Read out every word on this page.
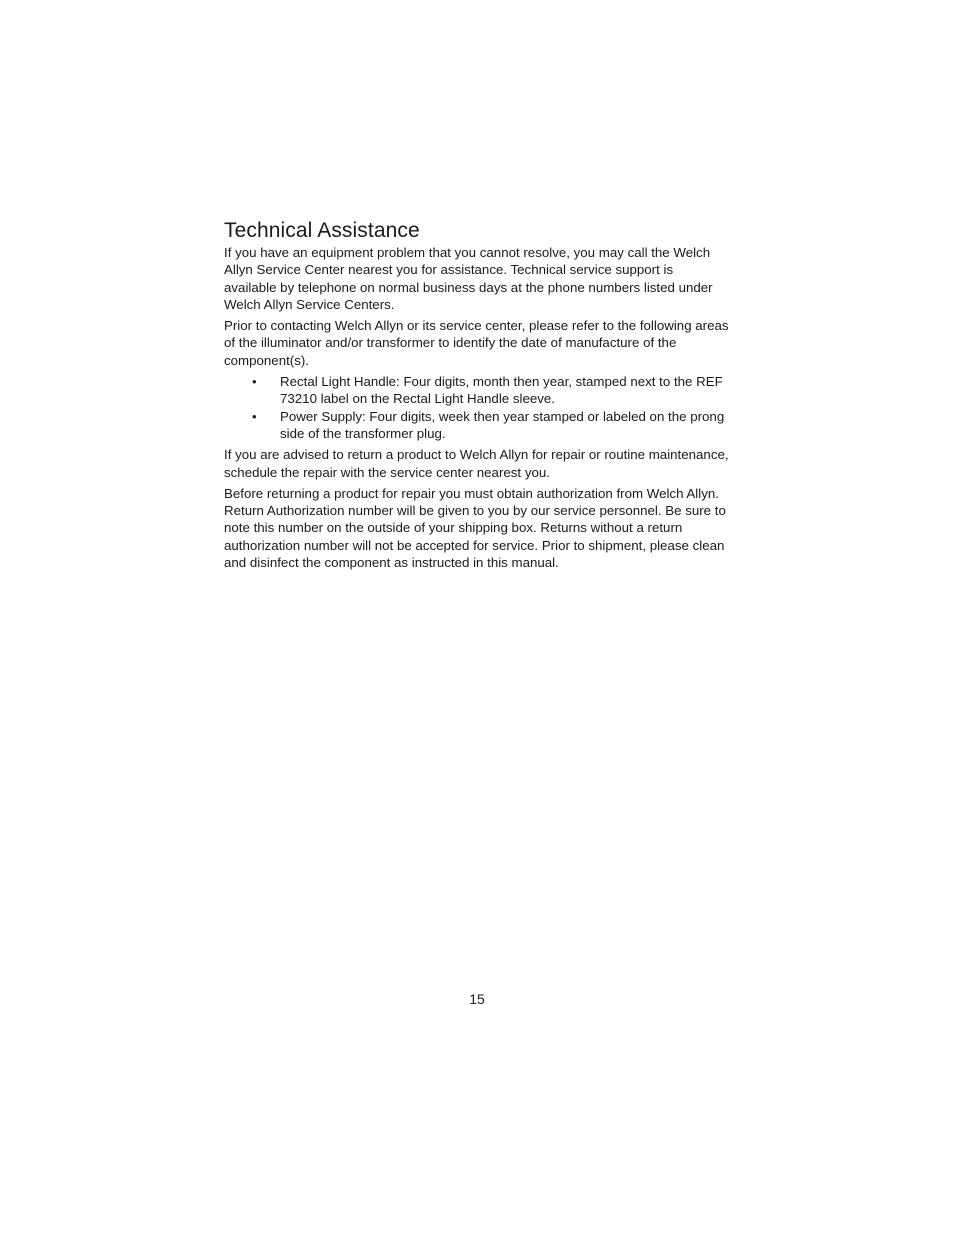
Technical Assistance

If you have an equipment problem that you cannot resolve, you may call the Welch Allyn Service Center nearest you for assistance. Technical service support is available by telephone on normal business days at the phone numbers listed under Welch Allyn Service Centers.

Prior to contacting Welch Allyn or its service center, please refer to the following areas of the illuminator and/or transformer to identify the date of manufacture of the component(s).

• Rectal Light Handle: Four digits, month then year, stamped next to the REF 73210 label on the Rectal Light Handle sleeve.
• Power Supply: Four digits, week then year stamped or labeled on the prong side of the transformer plug.

If you are advised to return a product to Welch Allyn for repair or routine maintenance, schedule the repair with the service center nearest you.

Before returning a product for repair you must obtain authorization from Welch Allyn. Return Authorization number will be given to you by our service personnel. Be sure to note this number on the outside of your shipping box. Returns without a return authorization number will not be accepted for service. Prior to shipment, please clean and disinfect the component as instructed in this manual.

15
